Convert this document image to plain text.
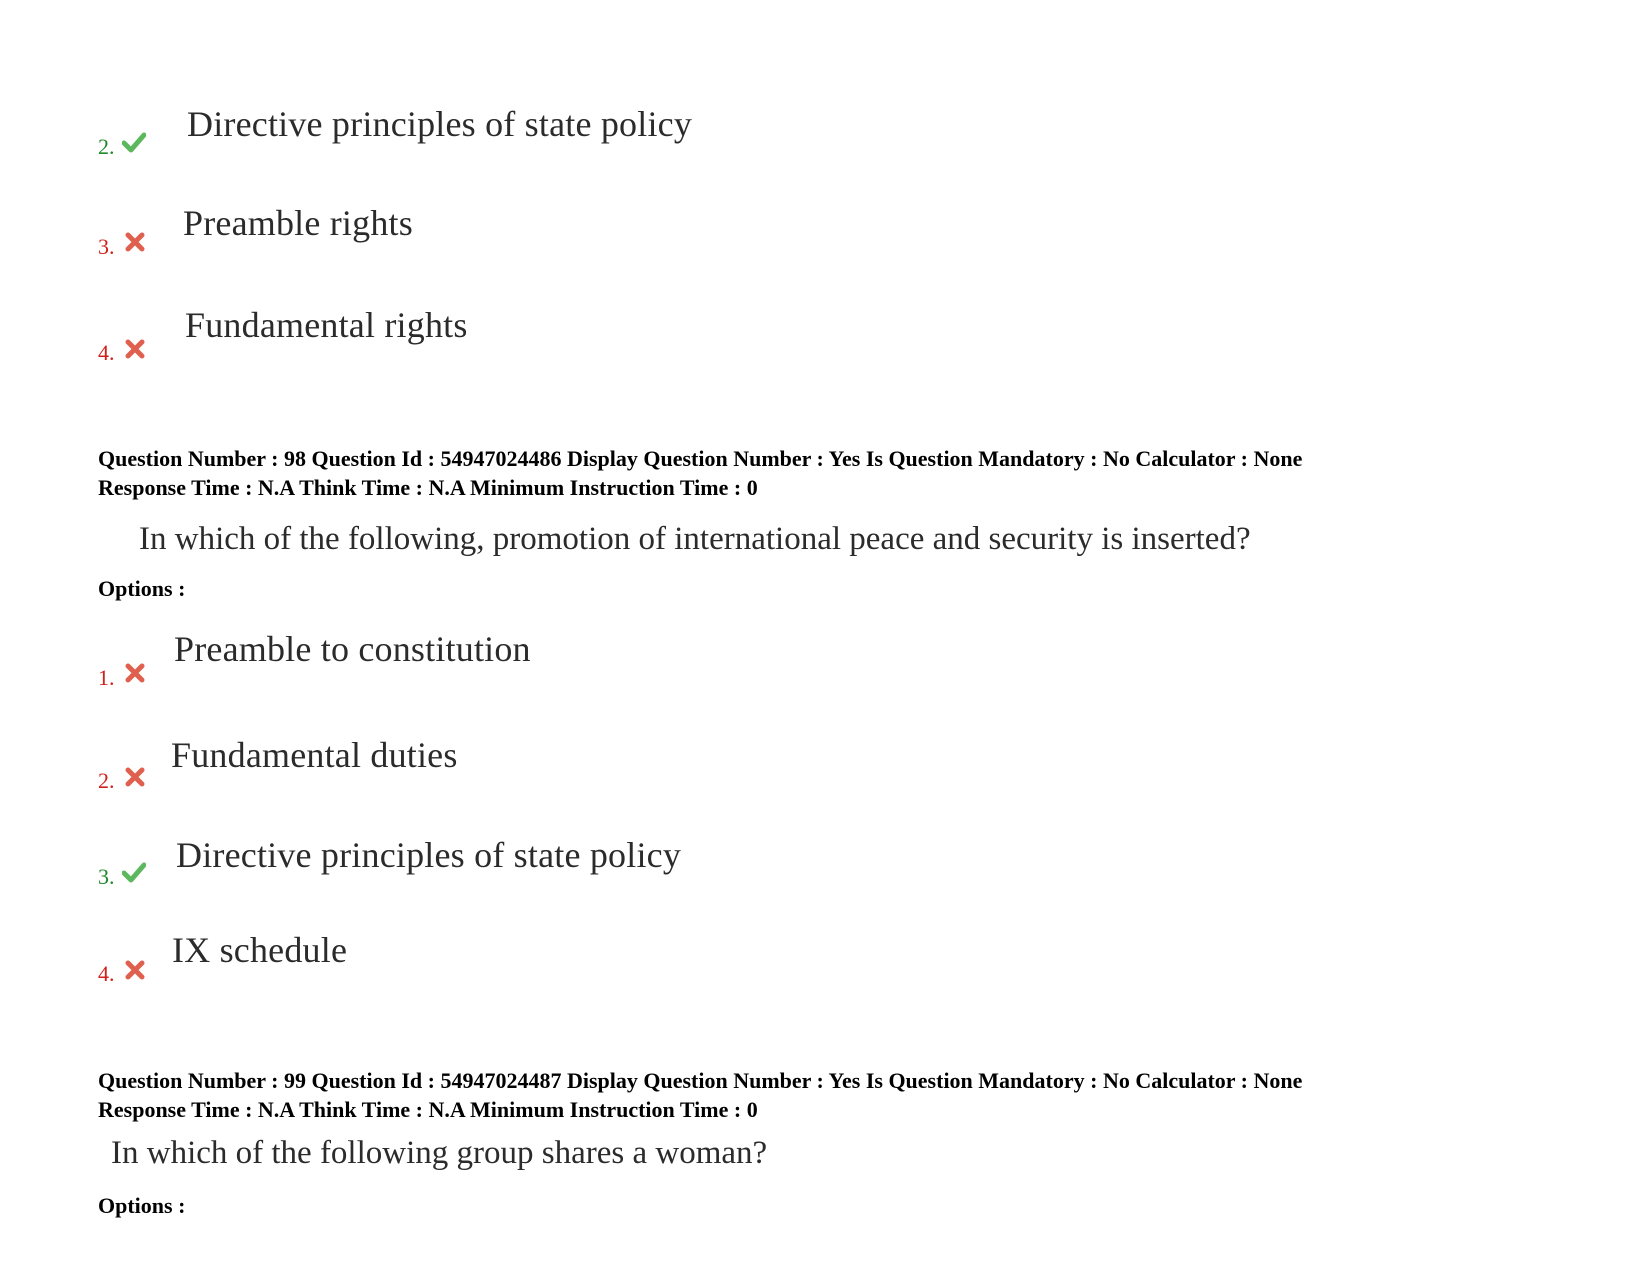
2.
Directive principles of state policy
3.
Preamble rights
4.
Fundamental rights
Question Number : 98 Question Id : 54947024486 Display Question Number : Yes Is Question Mandatory : No Calculator : None
Response Time : N.A Think Time : N.A Minimum Instruction Time : 0
In which of the following, promotion of international peace and security is inserted?
Options :
1.
Preamble to constitution
2.
Fundamental duties
3.
Directive principles of state policy
4.
IX schedule
Question Number : 99 Question Id : 54947024487 Display Question Number : Yes Is Question Mandatory : No Calculator : None
Response Time : N.A Think Time : N.A Minimum Instruction Time : 0
In which of the following group shares a woman?
Options :
